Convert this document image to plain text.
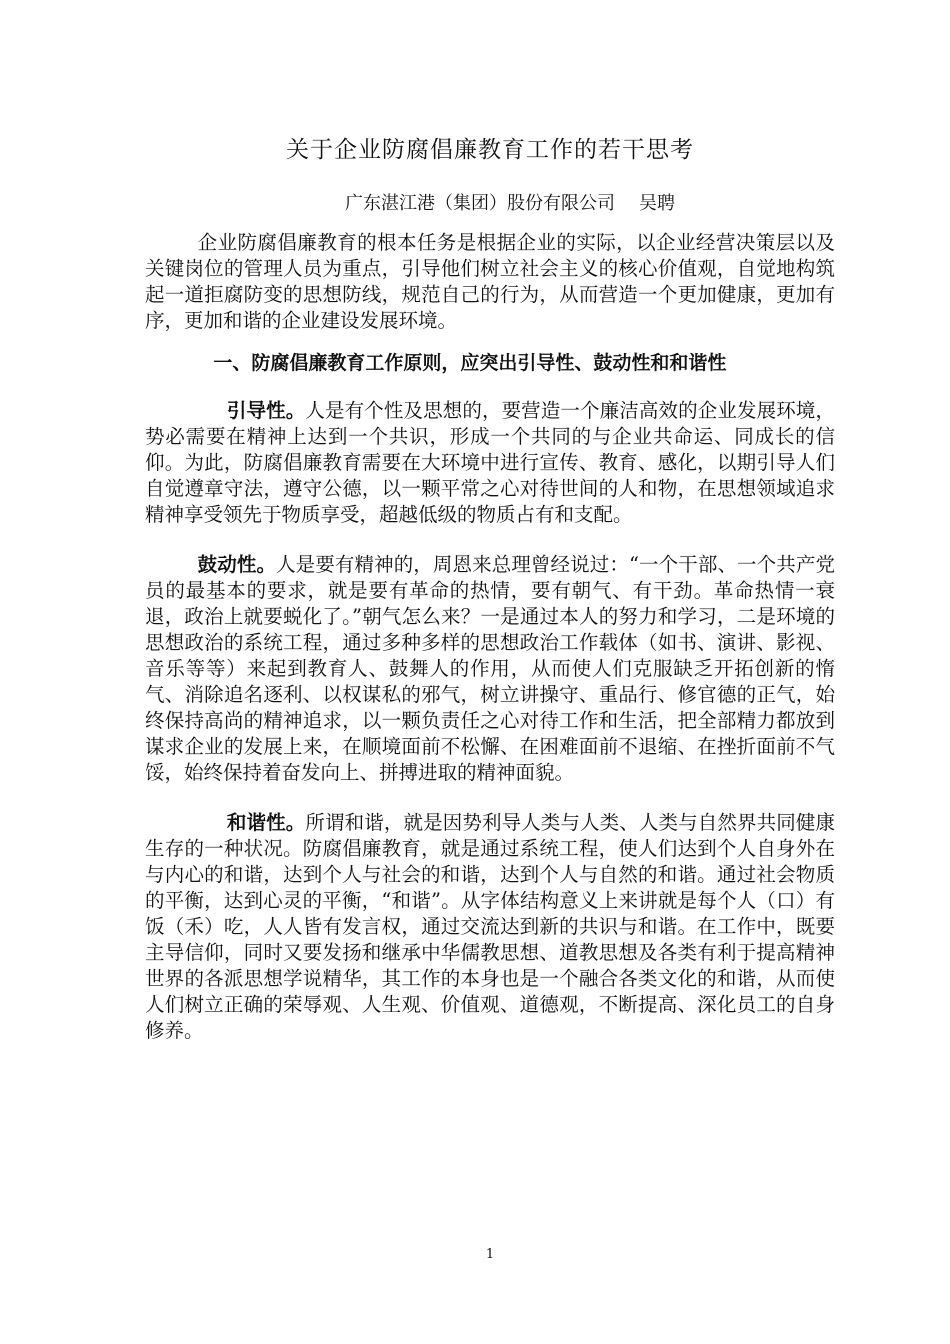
关于企业防腐倡廉教育工作的若干思考

广东湛江港（集团）股份有限公司 吴聘

企业防腐倡廉教育的根本任务是根据企业的实际，以企业经营决策层以及关键岗位的管理人员为重点，引导他们树立社会主义的核心价值观，自觉地构筑起一道拒腐防变的思想防线，规范自己的行为，从而营造一个更加健康，更加有序，更加和谐的企业建设发展环境。

一、防腐倡廉教育工作原则，应突出引导性、鼓动性和和谐性

引导性。人是有个性及思想的，要营造一个廉洁高效的企业发展环境，势必需要在精神上达到一个共识，形成一个共同的与企业共命运、同成长的信仰。为此，防腐倡廉教育需要在大环境中进行宣传、教育、感化，以期引导人们自觉遵章守法，遵守公德，以一颗平常之心对待世间的人和物，在思想领域追求精神享受领先于物质享受，超越低级的物质占有和支配。

鼓动性。人是要有精神的，周恩来总理曾经说过：“一个干部、一个共产党员的最基本的要求，就是要有革命的热情，要有朝气、有干劲。革命热情一衰退，政治上就要蜕化了。”朝气怎么来？一是通过本人的努力和学习，二是环境的思想政治的系统工程，通过多种多样的思想政治工作载体（如书、演讲、影视、音乐等等）来起到教育人、鼓舞人的作用，从而使人们克服缺乏开拓创新的惰气、消除追名逐利、以权谋私的邪气，树立讲操守、重品行、修官德的正气，始终保持高尚的精神追求，以一颗负责任之心对待工作和生活，把全部精力都放到谋求企业的发展上来，在顺境面前不松懈、在困难面前不退缩、在挫折面前不气馁，始终保持着奋发向上、拼搏进取的精神面貌。

和谐性。所谓和谐，就是因势利导人类与人类、人类与自然界共同健康生存的一种状况。防腐倡廉教育，就是通过系统工程，使人们达到个人自身外在与内心的和谐，达到个人与社会的和谐，达到个人与自然的和谐。通过社会物质的平衡，达到心灵的平衡，“和谐”。从字体结构意义上来讲就是每个人（口）有饭（禾）吃，人人皆有发言权，通过交流达到新的共识与和谐。在工作中，既要主导信仰，同时又要发扬和继承中华儒教思想、道教思想及各类有利于提高精神世界的各派思想学说精华，其工作的本身也是一个融合各类文化的和谐，从而使人们树立正确的荣辱观、人生观、价值观、道德观，不断提高、深化员工的自身修养。

1
